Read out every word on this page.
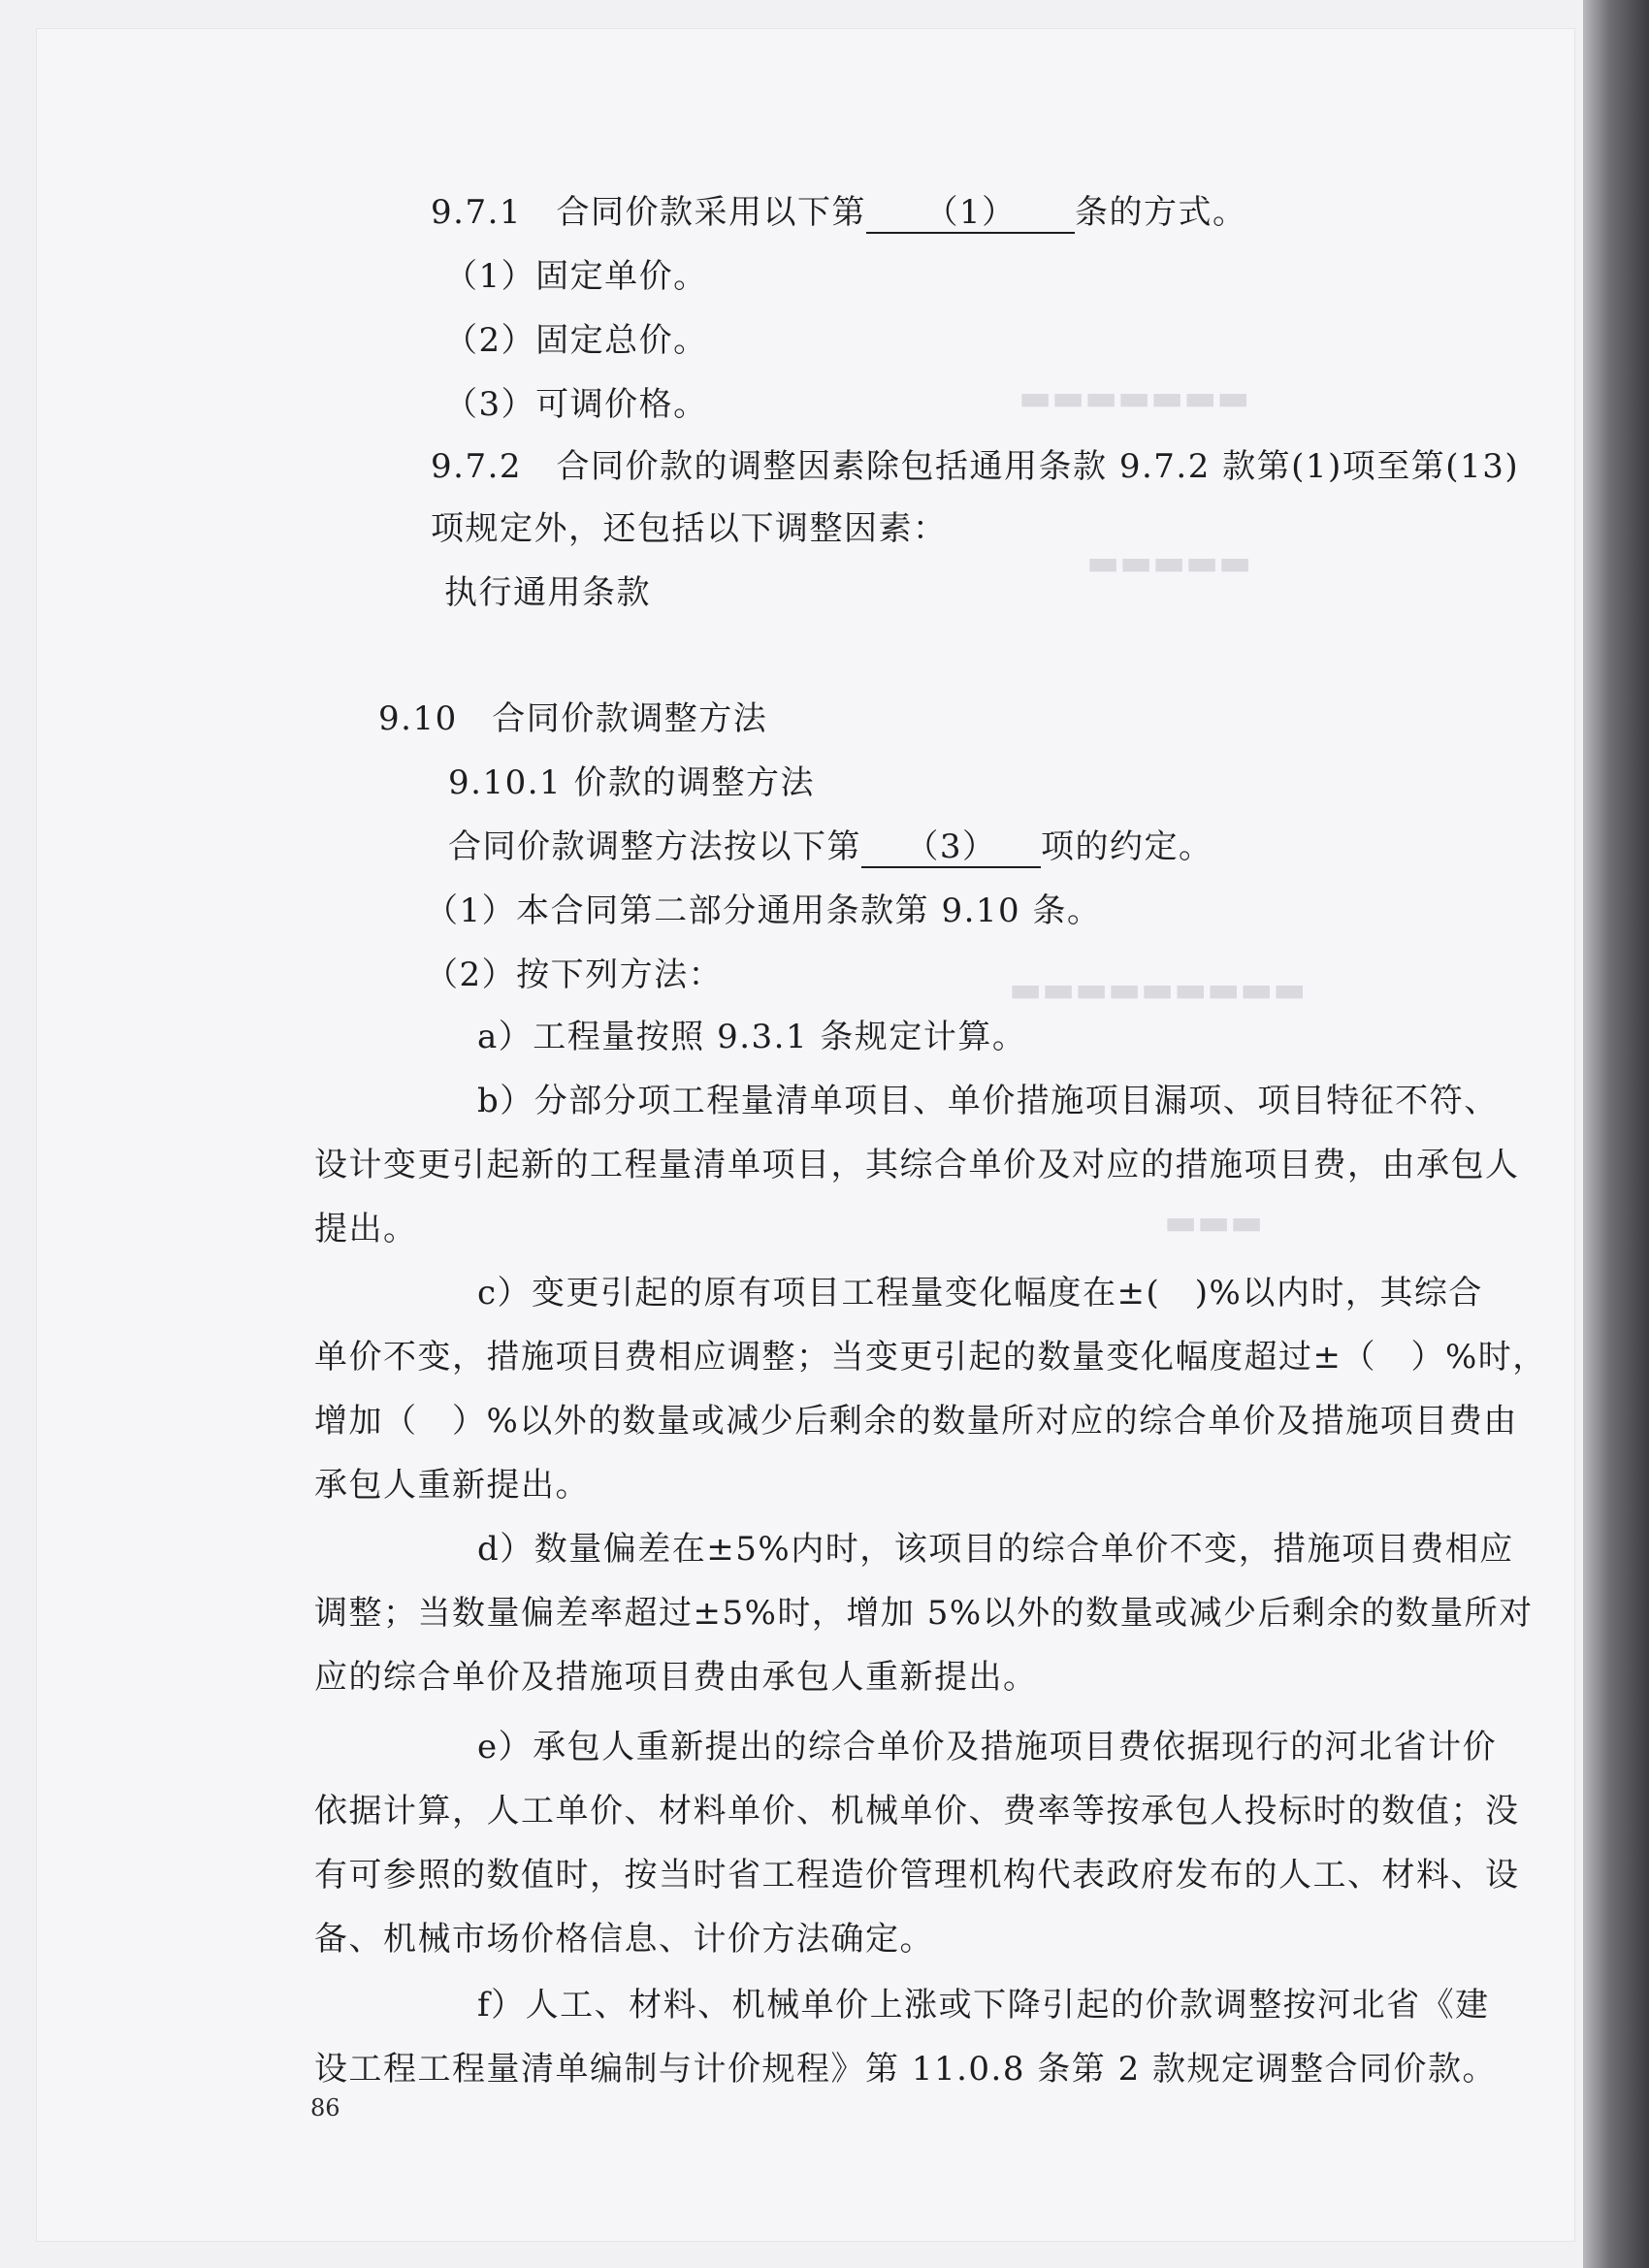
▬▬▬▬▬▬▬
▬▬▬▬▬
▬▬▬▬▬▬▬▬▬
▬▬▬
9.7.1　合同价款采用以下第 （1） 条的方式。
（1）固定单价。
（2）固定总价。
（3）可调价格。
9.7.2　合同价款的调整因素除包括通用条款 9.7.2 款第(1)项至第(13)
项规定外，还包括以下调整因素：
执行通用条款
9.10　合同价款调整方法
9.10.1 价款的调整方法
合同价款调整方法按以下第 （3） 项的约定。
（1）本合同第二部分通用条款第 9.10 条。
（2）按下列方法：
a）工程量按照 9.3.1 条规定计算。
b）分部分项工程量清单项目、单价措施项目漏项、项目特征不符、
设计变更引起新的工程量清单项目，其综合单价及对应的措施项目费，由承包人
提出。
c）变更引起的原有项目工程量变化幅度在±(　)%以内时，其综合
单价不变，措施项目费相应调整；当变更引起的数量变化幅度超过±（　）%时，
增加（　）%以外的数量或减少后剩余的数量所对应的综合单价及措施项目费由
承包人重新提出。
d）数量偏差在±5%内时，该项目的综合单价不变，措施项目费相应
调整；当数量偏差率超过±5%时，增加 5%以外的数量或减少后剩余的数量所对
应的综合单价及措施项目费由承包人重新提出。
e）承包人重新提出的综合单价及措施项目费依据现行的河北省计价
依据计算，人工单价、材料单价、机械单价、费率等按承包人投标时的数值；没
有可参照的数值时，按当时省工程造价管理机构代表政府发布的人工、材料、设
备、机械市场价格信息、计价方法确定。
f）人工、材料、机械单价上涨或下降引起的价款调整按河北省《建
设工程工程量清单编制与计价规程》第 11.0.8 条第 2 款规定调整合同价款。
86
